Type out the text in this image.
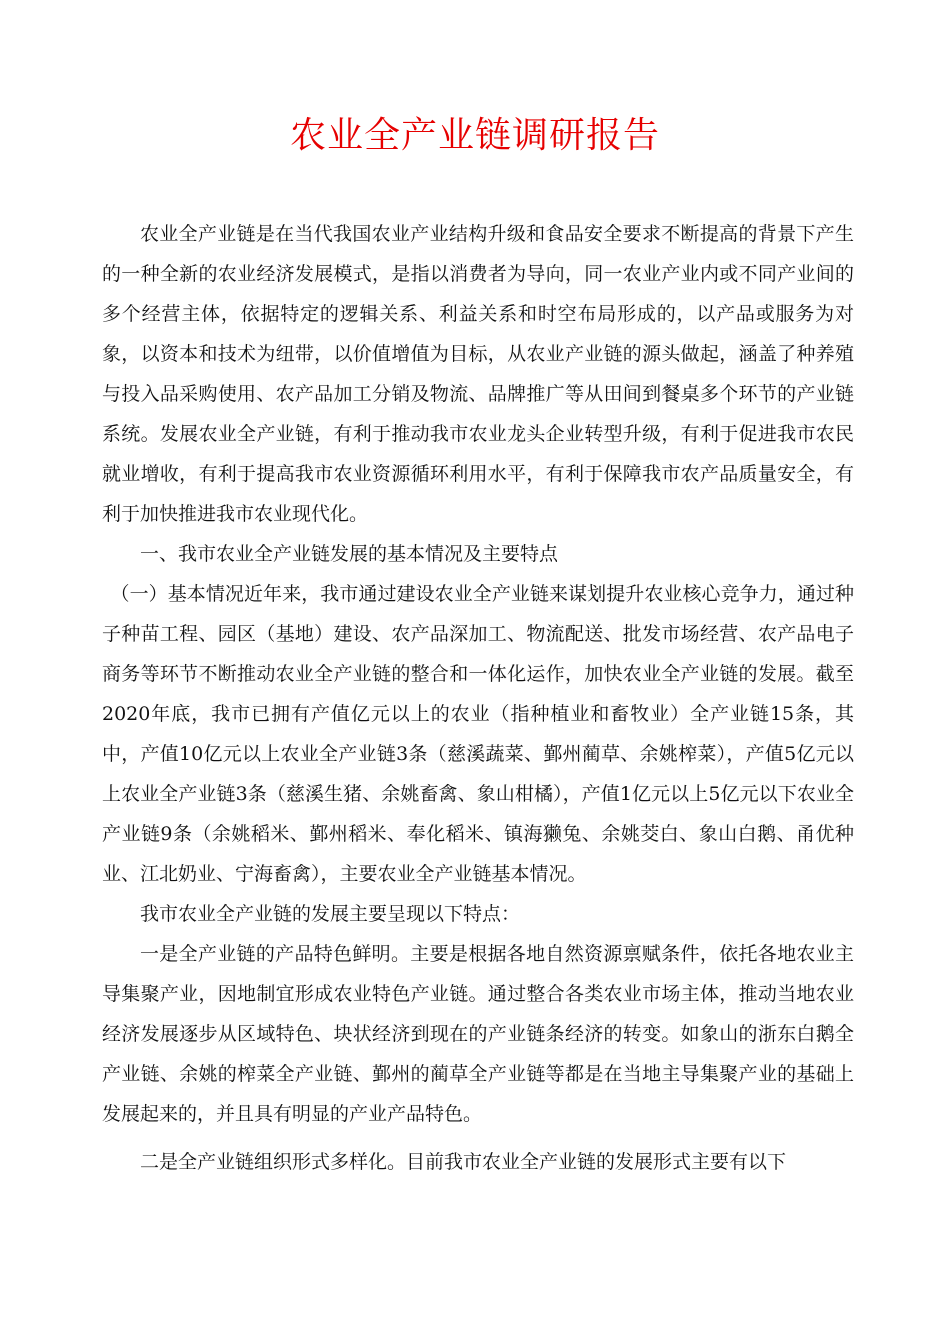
农业全产业链调研报告

农业全产业链是在当代我国农业产业结构升级和食品安全要求不断提高的背景下产生的一种全新的农业经济发展模式，是指以消费者为导向，同一农业产业内或不同产业间的多个经营主体，依据特定的逻辑关系、利益关系和时空布局形成的，以产品或服务为对象，以资本和技术为纽带，以价值增值为目标，从农业产业链的源头做起，涵盖了种养殖与投入品采购使用、农产品加工分销及物流、品牌推广等从田间到餐桌多个环节的产业链系统。发展农业全产业链，有利于推动我市农业龙头企业转型升级，有利于促进我市农民就业增收，有利于提高我市农业资源循环利用水平，有利于保障我市农产品质量安全，有利于加快推进我市农业现代化。

一、我市农业全产业链发展的基本情况及主要特点

（一）基本情况近年来，我市通过建设农业全产业链来谋划提升农业核心竞争力，通过种子种苗工程、园区（基地）建设、农产品深加工、物流配送、批发市场经营、农产品电子商务等环节不断推动农业全产业链的整合和一体化运作，加快农业全产业链的发展。截至2020年底，我市已拥有产值亿元以上的农业（指种植业和畜牧业）全产业链15条，其中，产值10亿元以上农业全产业链3条（慈溪蔬菜、鄞州蔺草、余姚榨菜），产值5亿元以上农业全产业链3条（慈溪生猪、余姚畜禽、象山柑橘），产值1亿元以上5亿元以下农业全产业链9条（余姚稻米、鄞州稻米、奉化稻米、镇海獭兔、余姚茭白、象山白鹅、甬优种业、江北奶业、宁海畜禽），主要农业全产业链基本情况。

我市农业全产业链的发展主要呈现以下特点：

一是全产业链的产品特色鲜明。主要是根据各地自然资源禀赋条件，依托各地农业主导集聚产业，因地制宜形成农业特色产业链。通过整合各类农业市场主体，推动当地农业经济发展逐步从区域特色、块状经济到现在的产业链条经济的转变。如象山的浙东白鹅全产业链、余姚的榨菜全产业链、鄞州的蔺草全产业链等都是在当地主导集聚产业的基础上发展起来的，并且具有明显的产业产品特色。

二是全产业链组织形式多样化。目前我市农业全产业链的发展形式主要有以下
